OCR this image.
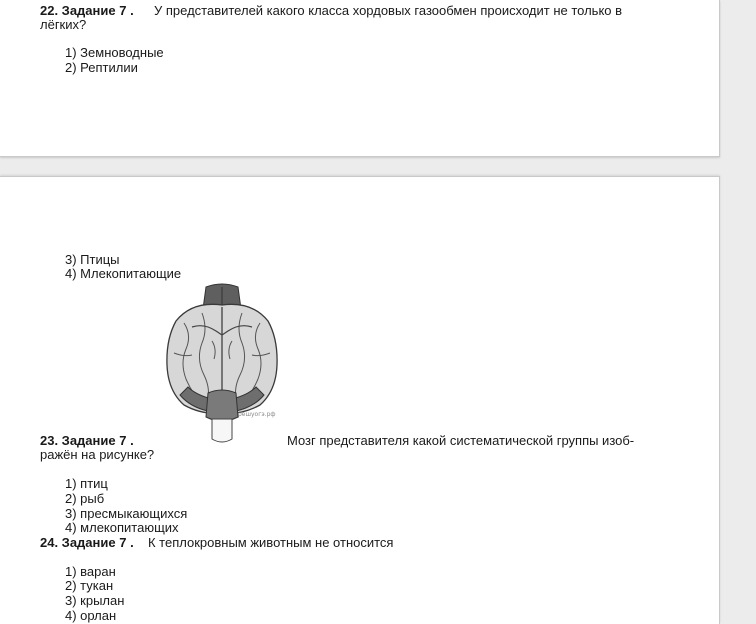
22. Задание 7 . У представителей какого класса хордовых газообмен происходит не только в
лёгких?
1) Земноводные
2) Рептилии
3) Птицы
4) Млекопитающие
решуогэ.рф
23. Задание 7 .	Мозг представителя какой систематической группы изоб-
ражён на рисунке?
1) птиц
2) рыб
3) пресмыкающихся
4) млекопитающих
24. Задание 7 . К теплокровным животным не относится
1) варан
2) тукан
3) крылан
4) орлан
